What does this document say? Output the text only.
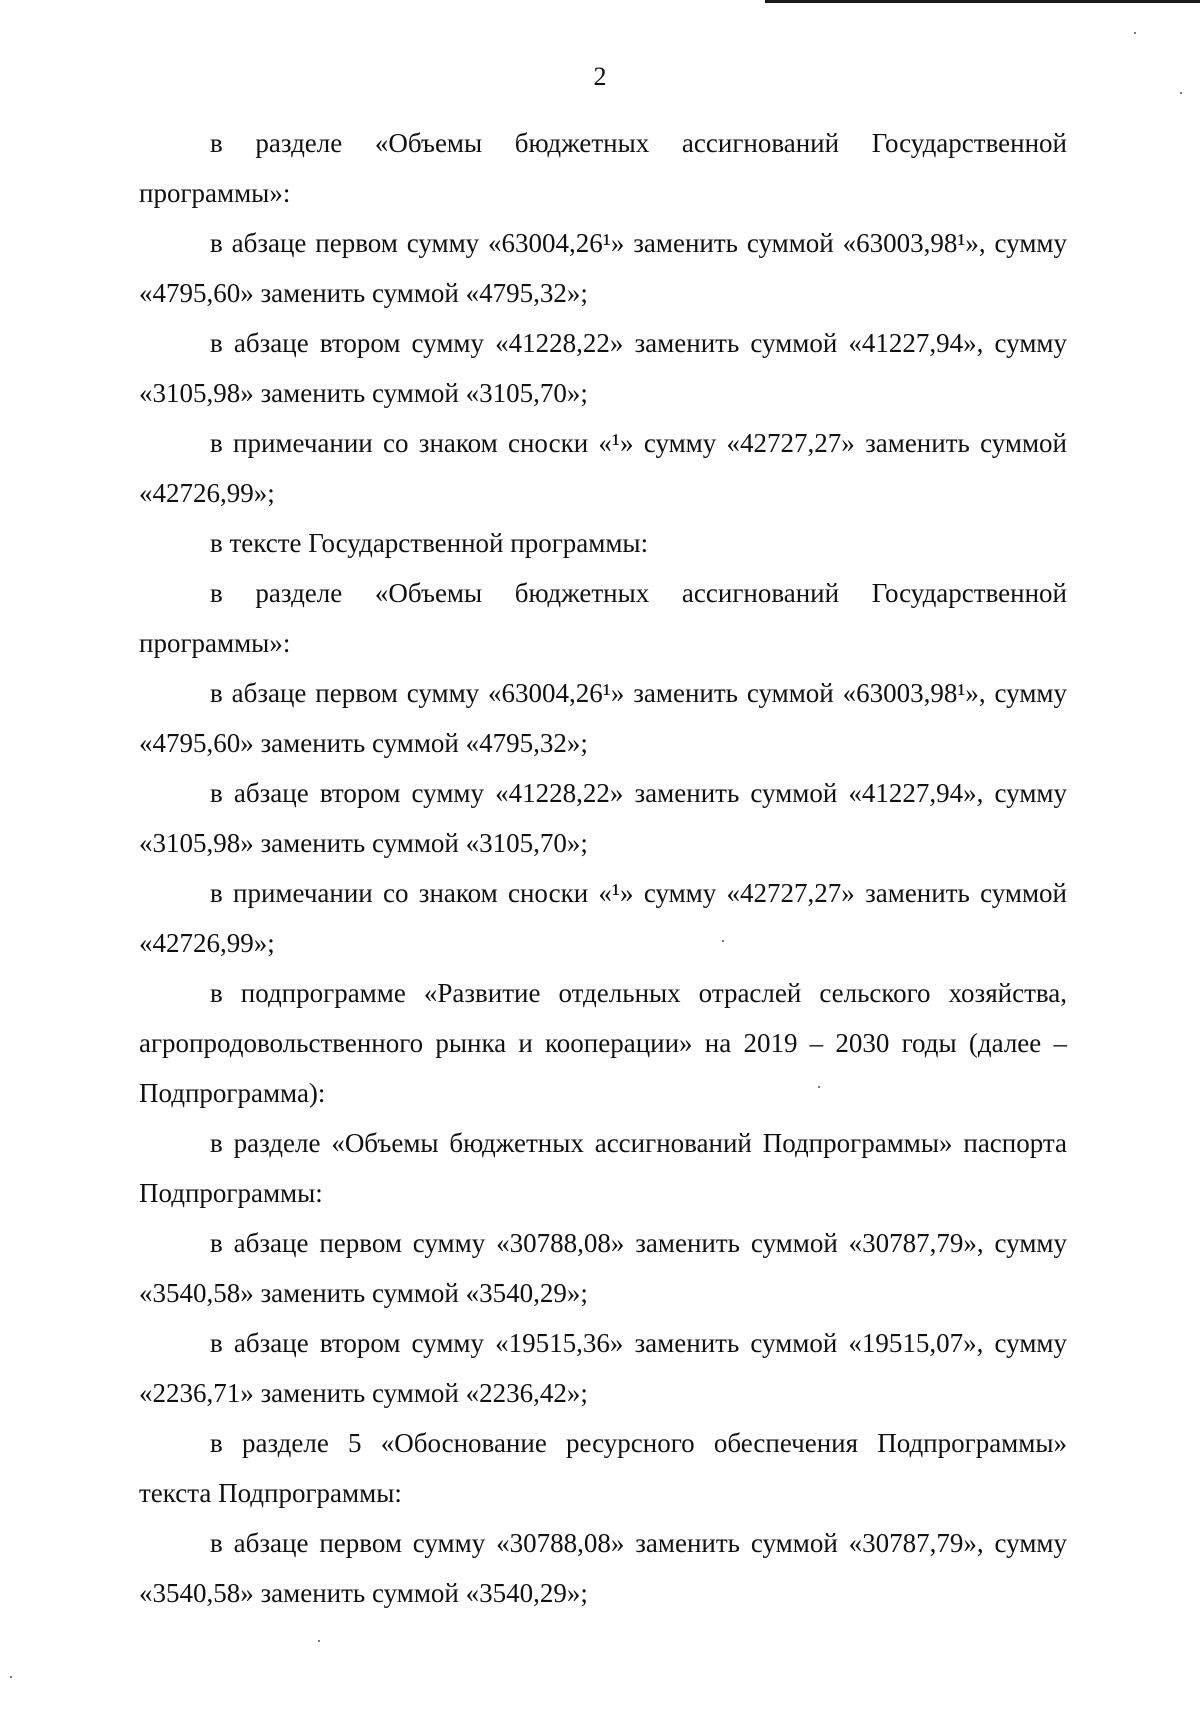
2

в разделе «Объемы бюджетных ассигнований Государственной программы»:

в абзаце первом сумму «63004,26¹» заменить суммой «63003,98¹», сумму «4795,60» заменить суммой «4795,32»;

в абзаце втором сумму «41228,22» заменить суммой «41227,94», сумму «3105,98» заменить суммой «3105,70»;

в примечании со знаком сноски «¹» сумму «42727,27» заменить суммой «42726,99»;

в тексте Государственной программы:

в разделе «Объемы бюджетных ассигнований Государственной программы»:

в абзаце первом сумму «63004,26¹» заменить суммой «63003,98¹», сумму «4795,60» заменить суммой «4795,32»;

в абзаце втором сумму «41228,22» заменить суммой «41227,94», сумму «3105,98» заменить суммой «3105,70»;

в примечании со знаком сноски «¹» сумму «42727,27» заменить суммой «42726,99»;

в подпрограмме «Развитие отдельных отраслей сельского хозяйства, агропродовольственного рынка и кооперации» на 2019 – 2030 годы (далее – Подпрограмма):

в разделе «Объемы бюджетных ассигнований Подпрограммы» паспорта Подпрограммы:

в абзаце первом сумму «30788,08» заменить суммой «30787,79», сумму «3540,58» заменить суммой «3540,29»;

в абзаце втором сумму «19515,36» заменить суммой «19515,07», сумму «2236,71» заменить суммой «2236,42»;

в разделе 5 «Обоснование ресурсного обеспечения Подпрограммы» текста Подпрограммы:

в абзаце первом сумму «30788,08» заменить суммой «30787,79», сумму «3540,58» заменить суммой «3540,29»;
